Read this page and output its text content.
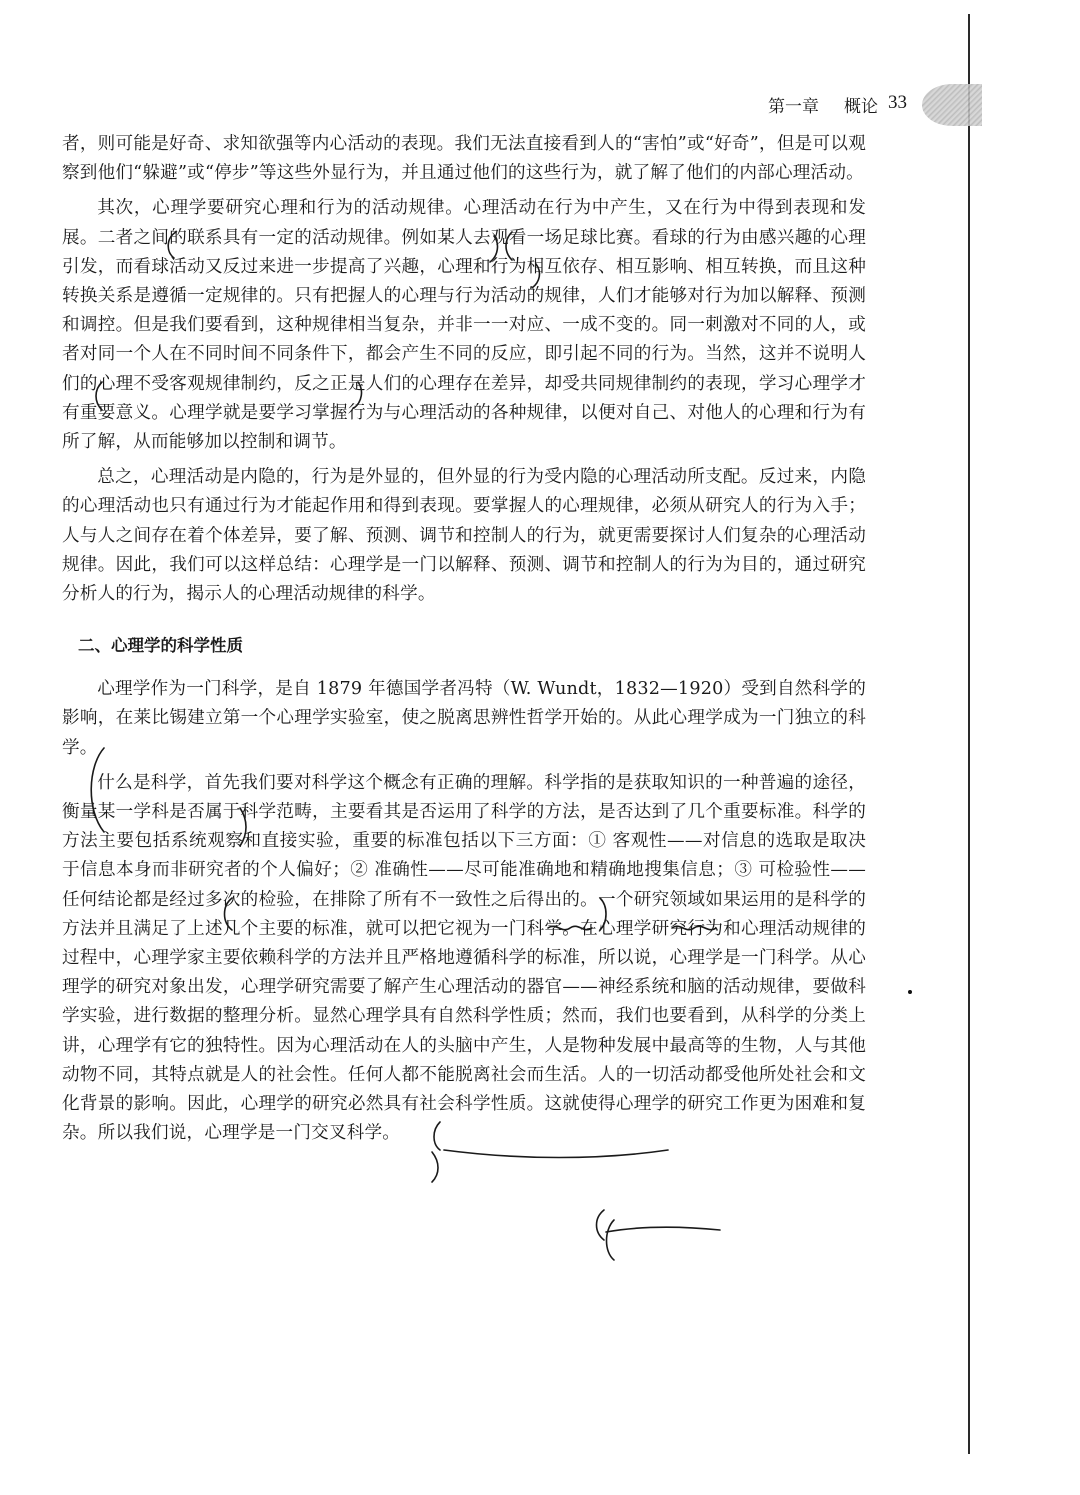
第一章 概论 33

者，则可能是好奇、求知欲强等内心活动的表现。我们无法直接看到人的“害怕”或“好奇”，但是可以观察到他们“躲避”或“停步”等这些外显行为，并且通过他们的这些行为，就了解了他们的内部心理活动。

其次，心理学要研究心理和行为的活动规律。心理活动在行为中产生，又在行为中得到表现和发展。二者之间的联系具有一定的活动规律。例如某人去观看一场足球比赛。看球的行为由感兴趣的心理引发，而看球活动又反过来进一步提高了兴趣，心理和行为相互依存、相互影响、相互转换，而且这种转换关系是遵循一定规律的。只有把握人的心理与行为活动的规律，人们才能够对行为加以解释、预测和调控。但是我们要看到，这种规律相当复杂，并非一一对应、一成不变的。同一刺激对不同的人，或者对同一个人在不同时间不同条件下，都会产生不同的反应，即引起不同的行为。当然，这并不说明人们的心理不受客观规律制约，反之正是人们的心理存在差异，却受共同规律制约的表现，学习心理学才有重要意义。心理学就是要学习掌握行为与心理活动的各种规律，以便对自己、对他人的心理和行为有所了解，从而能够加以控制和调节。

总之，心理活动是内隐的，行为是外显的，但外显的行为受内隐的心理活动所支配。反过来，内隐的心理活动也只有通过行为才能起作用和得到表现。要掌握人的心理规律，必须从研究人的行为入手；人与人之间存在着个体差异，要了解、预测、调节和控制人的行为，就更需要探讨人们复杂的心理活动规律。因此，我们可以这样总结：心理学是一门以解释、预测、调节和控制人的行为为目的，通过研究分析人的行为，揭示人的心理活动规律的科学。

二、心理学的科学性质

心理学作为一门科学，是自 1879 年德国学者冯特（W. Wundt，1832—1920）受到自然科学的影响，在莱比锡建立第一个心理学实验室，使之脱离思辨性哲学开始的。从此心理学成为一门独立的科学。

什么是科学，首先我们要对科学这个概念有正确的理解。科学指的是获取知识的一种普遍的途径，衡量某一学科是否属于科学范畴，主要看其是否运用了科学的方法，是否达到了几个重要标准。科学的方法主要包括系统观察和直接实验，重要的标准包括以下三方面：① 客观性——对信息的选取是取决于信息本身而非研究者的个人偏好；② 准确性——尽可能准确地和精确地搜集信息；③ 可检验性——任何结论都是经过多次的检验，在排除了所有不一致性之后得出的。一个研究领域如果运用的是科学的方法并且满足了上述几个主要的标准，就可以把它视为一门科学。在心理学研究行为和心理活动规律的过程中，心理学家主要依赖科学的方法并且严格地遵循科学的标准，所以说，心理学是一门科学。从心理学的研究对象出发，心理学研究需要了解产生心理活动的器官——神经系统和脑的活动规律，要做科学实验，进行数据的整理分析。显然心理学具有自然科学性质；然而，我们也要看到，从科学的分类上讲，心理学有它的独特性。因为心理活动在人的头脑中产生，人是物种发展中最高等的生物，人与其他动物不同，其特点就是人的社会性。任何人都不能脱离社会而生活。人的一切活动都受他所处社会和文化背景的影响。因此，心理学的研究必然具有社会科学性质。这就使得心理学的研究工作更为困难和复杂。所以我们说，心理学是一门交叉科学。
